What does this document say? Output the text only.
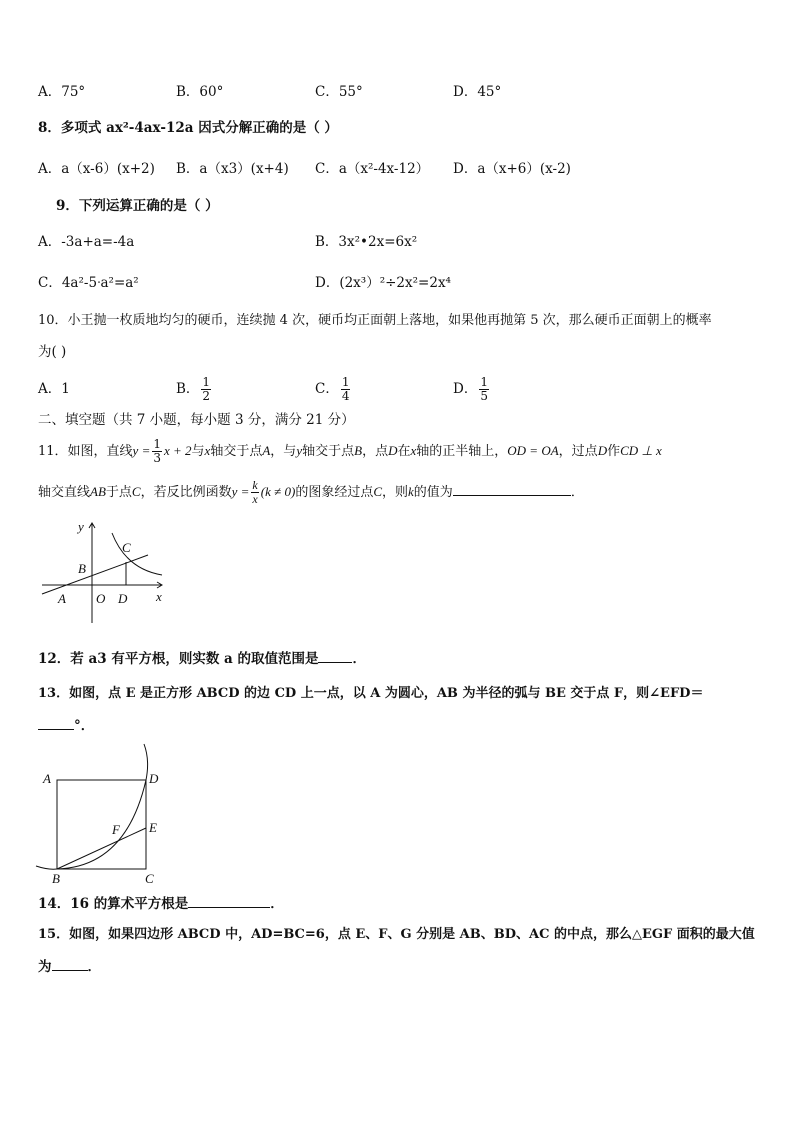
A．75°	B．60°	C．55°	D．45°
8．多项式 ax²-4ax-12a 因式分解正确的是（ ）
A．a（x-6）(x+2) B．a（x3）(x+4) C．a（x²-4x-12） D．a（x+6）(x-2)
9．下列运算正确的是（ ）
A．-3a+a=-4a	B．3x²•2x=6x²
C．4a²-5ᐧa²=a²	D．(2x³）²÷2x²=2x⁴
10．小王抛一枚质地均匀的硬币，连续抛 4 次，硬币均正面朝上落地，如果他再抛第 5 次，那么硬币正面朝上的概率
为( )
A．1	B． $\frac{1}{2}$	C． $\frac{1}{4}$	D． $\frac{1}{5}$
二、填空题（共 7 小题，每小题 3 分，满分 21 分）
11．如图，直线$y = \frac{1}{3}$ x + 2与x轴交于点A，与y轴交于点B，点D在x轴的正半轴上，OD = OA，过点D作CD ⊥ x
轴交直线AB于点C，若反比例函数$y = \frac{k}{x} (k \ne 0)$的图象经过点C，则k的值为	．
y
C
B
A O D x
12．若 a3 有平方根，则实数 a 的取值范围是	．
13．如图，点 E 是正方形 ABCD 的边 CD 上一点，以 A 为圆心，AB 为半径的弧与 BE 交于点 F，则∠EFD＝
°．
A	D
F E
B	C
14．16 的算术平方根是	．
15．如图，如果四边形 ABCD 中，AD=BC=6，点 E、F、G 分别是 AB、BD、AC 的中点，那么△EGF 面积的最大值
为	．
